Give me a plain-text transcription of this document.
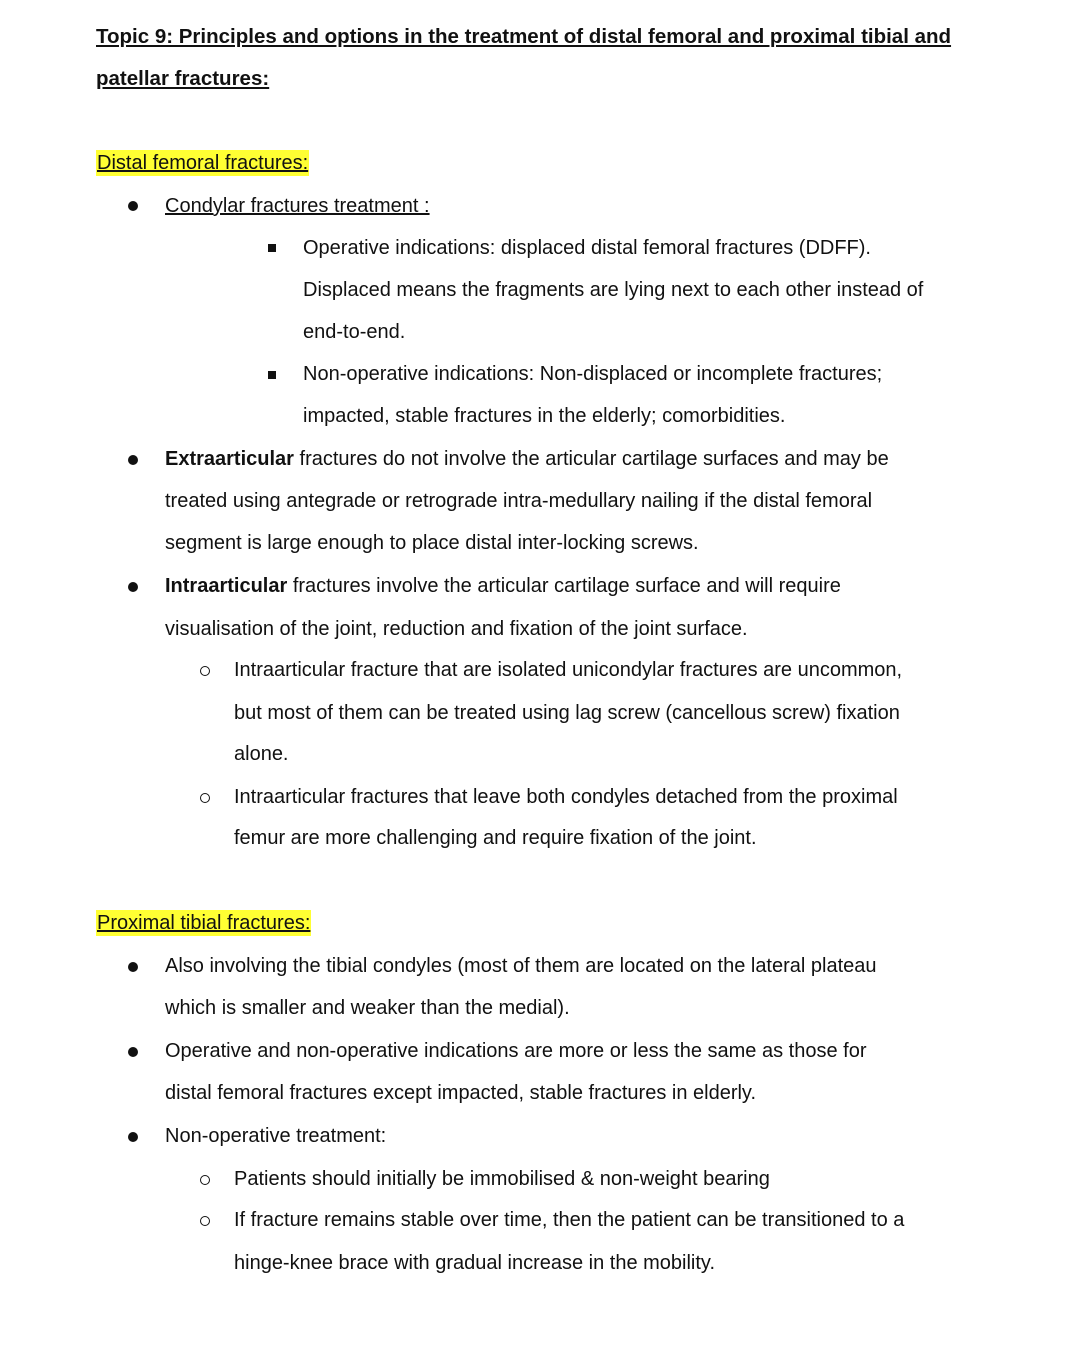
Topic 9: Principles and options in the treatment of distal femoral and proximal tibial and
patellar fractures:
Distal femoral fractures:
Condylar fractures treatment :
Operative indications: displaced distal femoral fractures (DDFF).
Displaced means the fragments are lying next to each other instead of
end-to-end.
Non-operative indications: Non-displaced or incomplete fractures;
impacted, stable fractures in the elderly; comorbidities.
Extraarticular fractures do not involve the articular cartilage surfaces and may be
treated using antegrade or retrograde intra-medullary nailing if the distal femoral
segment is large enough to place distal inter-locking screws.
Intraarticular fractures involve the articular cartilage surface and will require
visualisation of the joint, reduction and fixation of the joint surface.
Intraarticular fracture that are isolated unicondylar fractures are uncommon,
but most of them can be treated using lag screw (cancellous screw) fixation
alone.
Intraarticular fractures that leave both condyles detached from the proximal
femur are more challenging and require fixation of the joint.
Proximal tibial fractures:
Also involving the tibial condyles (most of them are located on the lateral plateau
which is smaller and weaker than the medial).
Operative and non-operative indications are more or less the same as those for
distal femoral fractures except impacted, stable fractures in elderly.
Non-operative treatment:
Patients should initially be immobilised & non-weight bearing
If fracture remains stable over time, then the patient can be transitioned to a
hinge-knee brace with gradual increase in the mobility.
